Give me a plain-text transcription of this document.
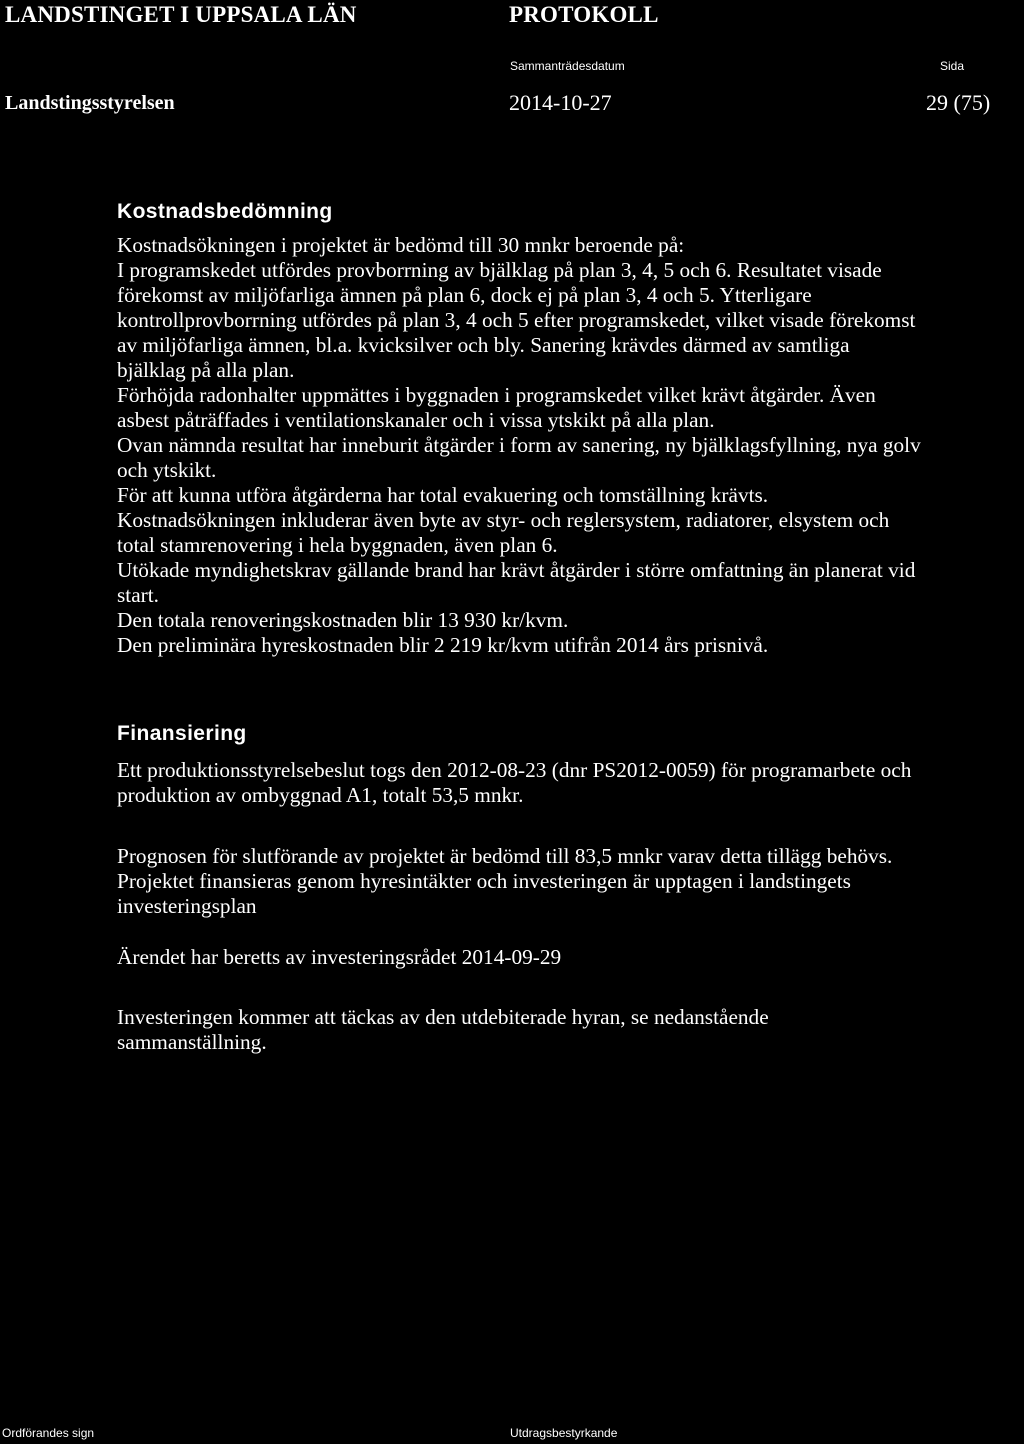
LANDSTINGET I UPPSALA LÄN	PROTOKOLL
Sammanträdesdatum	Sida
Landstingsstyrelsen	2014-10-27	29 (75)
Kostnadsbedömning
Kostnadsökningen i projektet är bedömd till 30 mnkr beroende på:
I programskedet utfördes provborrning av bjälklag på plan 3, 4, 5 och 6. Resultatet visade
förekomst av miljöfarliga ämnen på plan 6, dock ej på plan 3, 4 och 5. Ytterligare
kontrollprovborrning utfördes på plan 3, 4 och 5 efter programskedet, vilket visade förekomst
av miljöfarliga ämnen, bl.a. kvicksilver och bly. Sanering krävdes därmed av samtliga
bjälklag på alla plan.
Förhöjda radonhalter uppmättes i byggnaden i programskedet vilket krävt åtgärder. Även
asbest påträffades i ventilationskanaler och i vissa ytskikt på alla plan.
Ovan nämnda resultat har inneburit åtgärder i form av sanering, ny bjälklagsfyllning, nya golv
och ytskikt.
För att kunna utföra åtgärderna har total evakuering och tomställning krävts.
Kostnadsökningen inkluderar även byte av styr- och reglersystem, radiatorer, elsystem och
total stamrenovering i hela byggnaden, även plan 6.
Utökade myndighetskrav gällande brand har krävt åtgärder i större omfattning än planerat vid
start.
Den totala renoveringskostnaden blir 13 930 kr/kvm.
Den preliminära hyreskostnaden blir 2 219 kr/kvm utifrån 2014 års prisnivå.
Finansiering
Ett produktionsstyrelsebeslut togs den 2012-08-23 (dnr PS2012-0059) för programarbete och
produktion av ombyggnad A1, totalt 53,5 mnkr.
Prognosen för slutförande av projektet är bedömd till 83,5 mnkr varav detta tillägg behövs.
Projektet finansieras genom hyresintäkter och investeringen är upptagen i landstingets
investeringsplan
Ärendet har beretts av investeringsrådet 2014-09-29
Investeringen kommer att täckas av den utdebiterade hyran, se nedanstående
sammanställning.
Ordförandes sign	Utdragsbestyrkande
